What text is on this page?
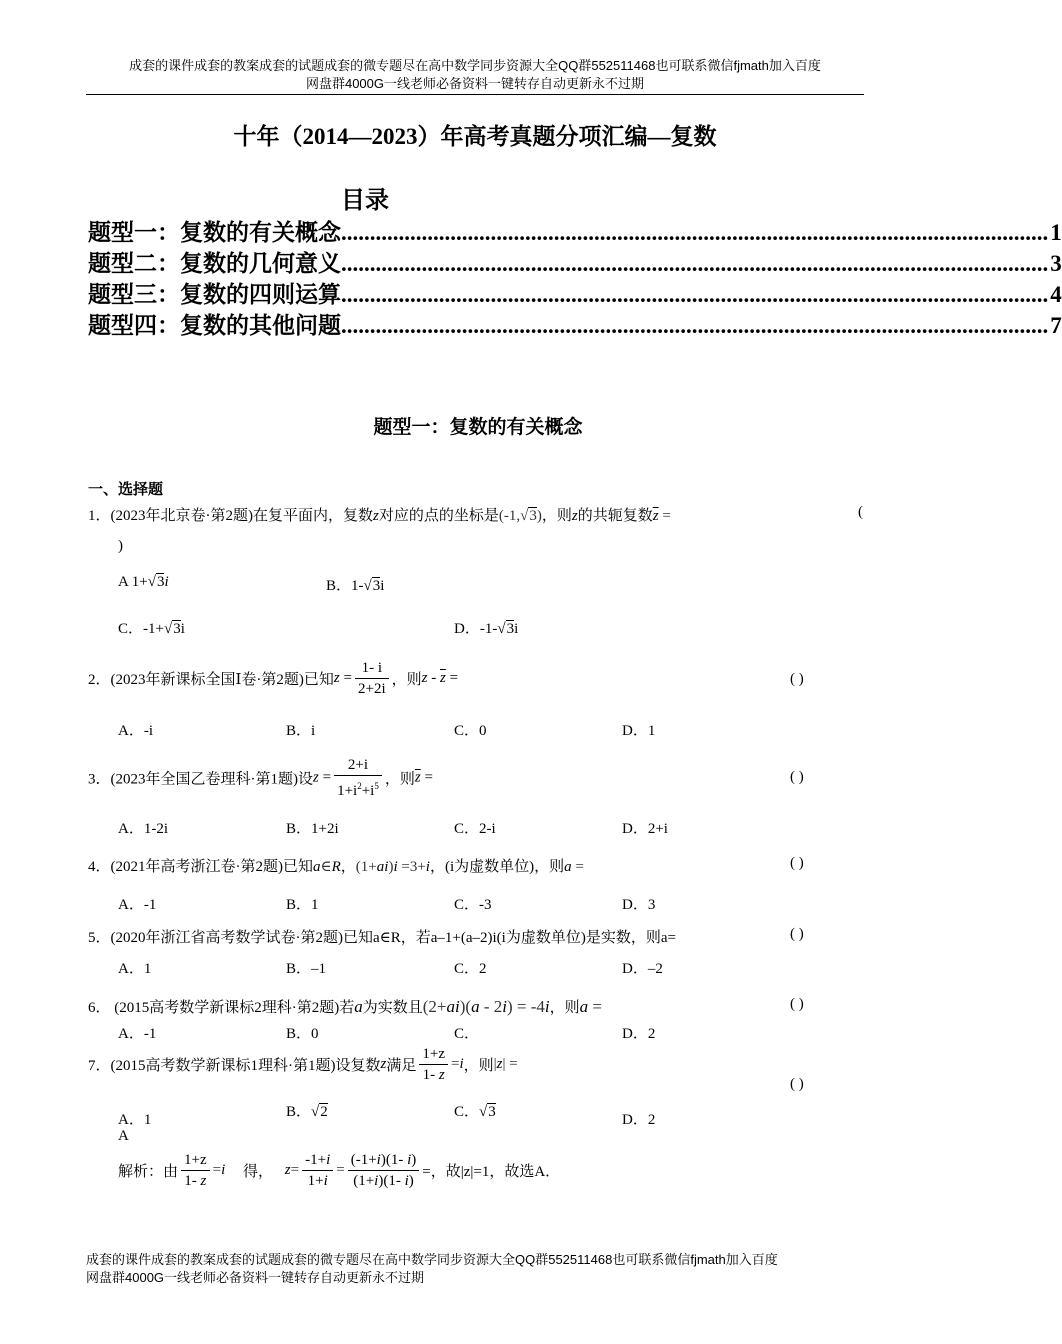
成套的课件成套的教案成套的试题成套的微专题尽在高中数学同步资源大全QQ群552511468也可联系微信fjmath加入百度
网盘群4000G一线老师必备资料一键转存自动更新永不过期
十年（2014—2023）年高考真题分项汇编—复数
目录
题型一：复数的有关概念 ........................................................................................................................... 1
题型二：复数的几何意义 ........................................................................................................................... 3
题型三：复数的四则运算 ........................................................................................................................... 4
题型四：复数的其他问题 ........................................................................................................................... 7
题型一：复数的有关概念
一、选择题
1．(2023年北京卷·第2题)在复平面内，复数z对应的点的坐标是(-1,√3)，则z的共轭复数$\overline{z}$ =	(
)
A 1+√3i	B．1-√3i
C．-1+√3i	D．-1-√3i
2．(2023年新课标全国Ⅰ卷·第2题)已知$z = \frac{1- i}{2+2i}$ ，则z - $\overline{z}$ =	( )
A．-i	B．i	C．0	D．1
3．(2023年全国乙卷理科·第1题)设$z = \frac{2+i}{1+i^2+i^5}$ ，则$\overline{z}$ =	( )
A．1-2i	B．1+2i	C．2-i	D．2+i
4．(2021年高考浙江卷·第2题)已知a∈R，(1+ai)i =3+i，(i为虚数单位)，则a =	( )
A．-1	B．1	C．-3	D．3
5．(2020年浙江省高考数学试卷·第2题)已知a∈R，若a–1+(a–2)i(i为虚数单位)是实数，则a=	( )
A．1	B．–1	C．2	D．–2
6． (2015高考数学新课标2理科·第2题)若a为实数且(2+ai)(a - 2i) = -4i，则a =	( )
A．-1	B．0	C．	D．2
7．(2015高考数学新课标1理科·第1题)设复数z满足 $\frac{1+z}{1- z} =i$，则|z| =
( )
A．1	B．√2	C．√3	D．2
A
解析：由 $\frac{1+z}{1- z} =i$ 得， $z= \frac{-1+i}{1+i} = \frac{(-1+i)(1- i)}{(1+i)(1- i)}$ =，故|z|=1，故选A．
成套的课件成套的教案成套的试题成套的微专题尽在高中数学同步资源大全QQ群552511468也可联系微信fjmath加入百度
网盘群4000G一线老师必备资料一键转存自动更新永不过期
